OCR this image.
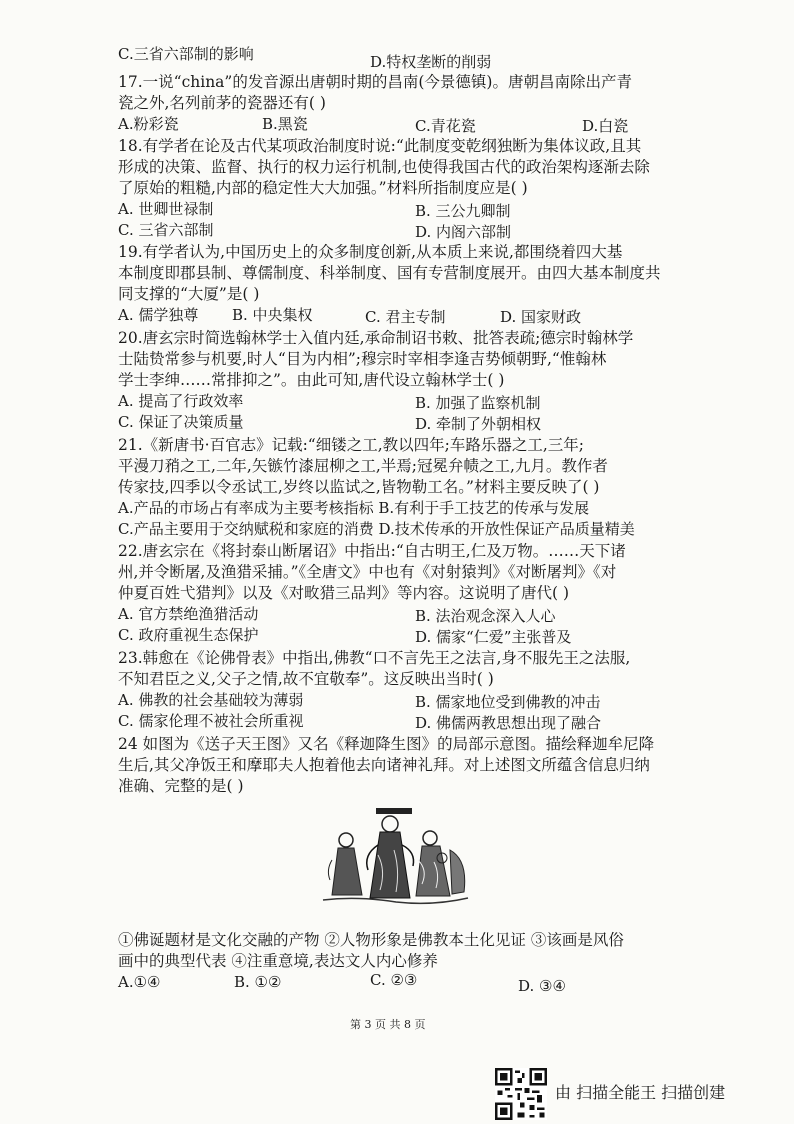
C.三省六部制的影响	D.特权垄断的削弱
17.一说“china”的发音源出唐朝时期的昌南(今景德镇)。唐朝昌南除出产青
瓷之外,名列前茅的瓷器还有( )
A.粉彩瓷	B.黑瓷	C.青花瓷	D.白瓷
18.有学者在论及古代某项政治制度时说:“此制度变乾纲独断为集体议政,且其
形成的决策、监督、执行的权力运行机制,也使得我国古代的政治架构逐渐去除
了原始的粗糙,内部的稳定性大大加强。”材料所指制度应是( )
A. 世卿世禄制	B. 三公九卿制
C. 三省六部制	D. 内阁六部制
19.有学者认为,中国历史上的众多制度创新,从本质上来说,都围绕着四大基
本制度即郡县制、尊儒制度、科举制度、国有专营制度展开。由四大基本制度共
同支撑的“大厦”是( )
A. 儒学独尊 B. 中央集权	C. 君主专制	D. 国家财政
20.唐玄宗时简选翰林学士入值内廷,承命制诏书敕、批答表疏;德宗时翰林学
士陆贽常参与机要,时人“目为内相”;穆宗时宰相李逢吉势倾朝野,“惟翰林
学士李绅……常排抑之”。由此可知,唐代设立翰林学士( )
A. 提高了行政效率	B. 加强了监察机制
C. 保证了决策质量	D. 牵制了外朝相权
21.《新唐书·百官志》记载:“细镂之工,教以四年;车路乐器之工,三年;
平漫刀矟之工,二年,矢镞竹漆屈柳之工,半焉;冠冕弁帻之工,九月。教作者
传家技,四季以令丞试工,岁终以监试之,皆物勒工名。”材料主要反映了( )
A.产品的市场占有率成为主要考核指标 B.有利于手工技艺的传承与发展
C.产品主要用于交纳赋税和家庭的消费 D.技术传承的开放性保证产品质量精美
22.唐玄宗在《将封泰山断屠诏》中指出:“自古明王,仁及万物。……天下诸
州,并令断屠,及渔猎采捕。”《全唐文》中也有《对射猿判》《对断屠判》《对
仲夏百姓弋猎判》以及《对畋猎三品判》等内容。这说明了唐代( )
A. 官方禁绝渔猎活动	B. 法治观念深入人心
C. 政府重视生态保护	D. 儒家“仁爱”主张普及
23.韩愈在《论佛骨表》中指出,佛教“口不言先王之法言,身不服先王之法服,
不知君臣之义,父子之情,故不宜敬奉”。这反映出当时( )
A. 佛教的社会基础较为薄弱	B. 儒家地位受到佛教的冲击
C. 儒家伦理不被社会所重视	D. 佛儒两教思想出现了融合
24 如图为《送子天王图》又名《释迦降生图》的局部示意图。描绘释迦牟尼降
生后,其父净饭王和摩耶夫人抱着他去向诸神礼拜。对上述图文所蕴含信息归纳
准确、完整的是( )
①佛诞题材是文化交融的产物 ②人物形象是佛教本土化见证 ③该画是风俗
画中的典型代表 ④注重意境,表达文人内心修养
A.①④	B. ①②	C. ②③	D. ③④
第 3 页 共 8 页
由 扫描全能王 扫描创建
